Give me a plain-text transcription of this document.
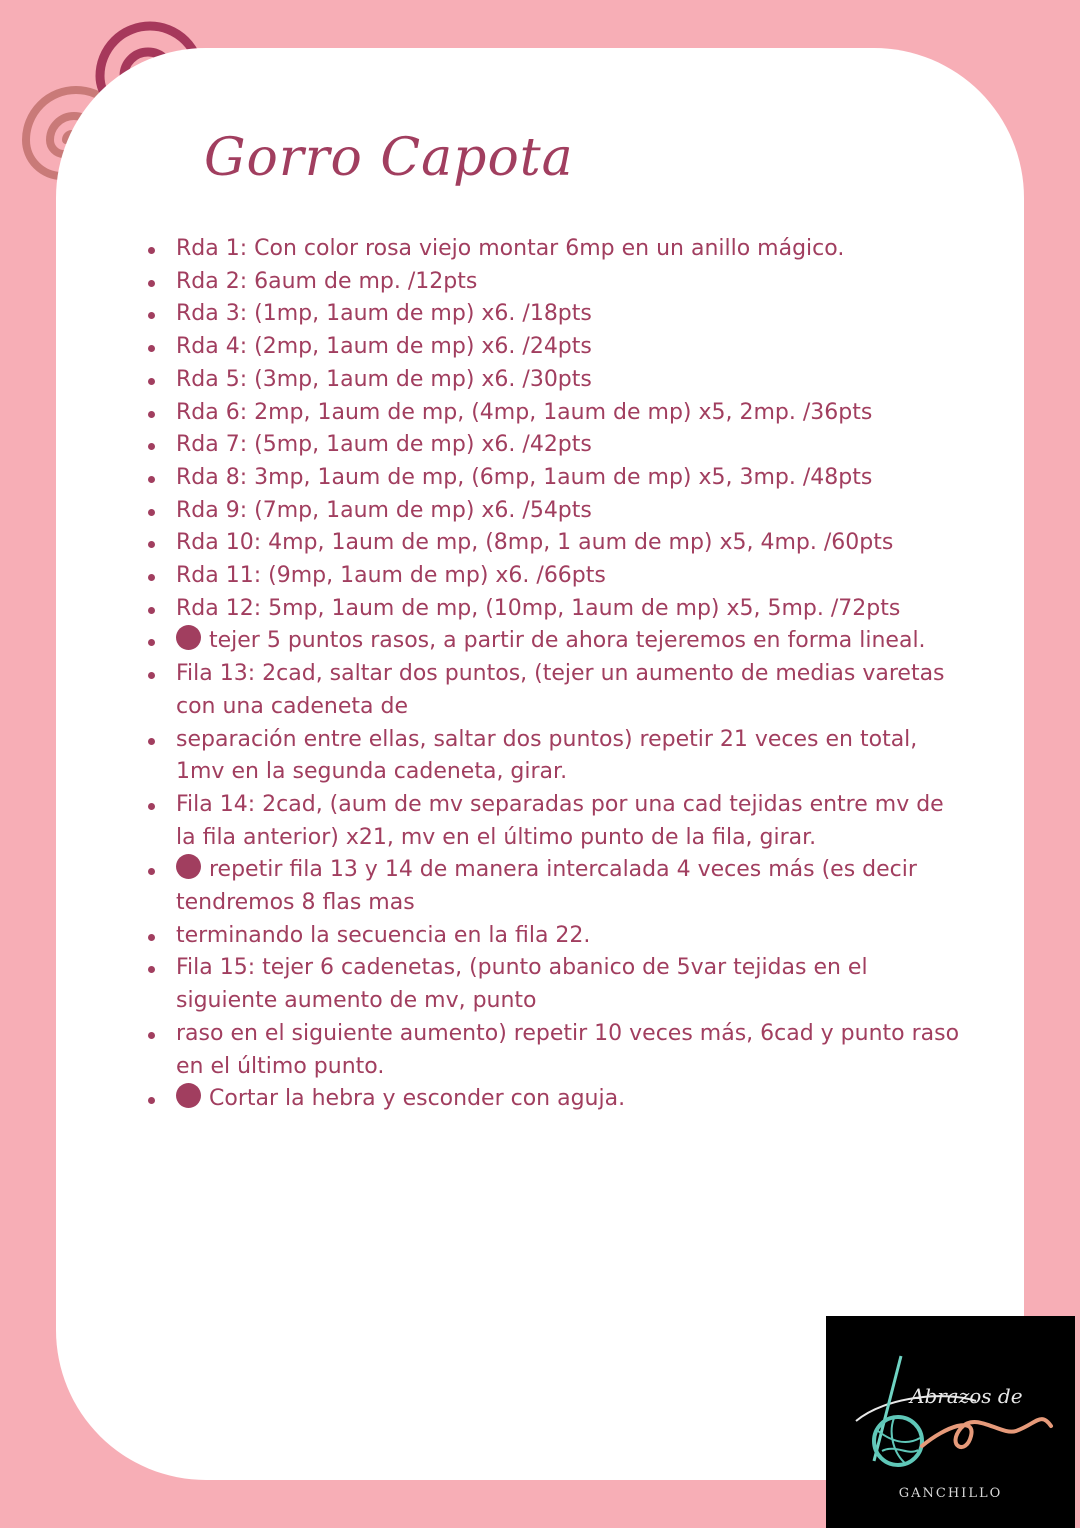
Gorro Capota
Rda 1: Con color rosa viejo montar 6mp en un anillo mágico.
Rda 2: 6aum de mp. /12pts
Rda 3: (1mp, 1aum de mp) x6. /18pts
Rda 4: (2mp, 1aum de mp) x6. /24pts
Rda 5: (3mp, 1aum de mp) x6. /30pts
Rda 6: 2mp, 1aum de mp, (4mp, 1aum de mp) x5, 2mp. /36pts
Rda 7: (5mp, 1aum de mp) x6. /42pts
Rda 8: 3mp, 1aum de mp, (6mp, 1aum de mp) x5, 3mp. /48pts
Rda 9: (7mp, 1aum de mp) x6. /54pts
Rda 10: 4mp, 1aum de mp, (8mp, 1 aum de mp) x5, 4mp. /60pts
Rda 11: (9mp, 1aum de mp) x6. /66pts
Rda 12: 5mp, 1aum de mp, (10mp, 1aum de mp) x5, 5mp. /72pts
tejer 5 puntos rasos, a partir de ahora tejeremos en forma lineal.
Fila 13: 2cad, saltar dos puntos, (tejer un aumento de medias varetas con una cadeneta de
separación entre ellas, saltar dos puntos) repetir 21 veces en total, 1mv en la segunda cadeneta, girar.
Fila 14: 2cad, (aum de mv separadas por una cad tejidas entre mv de la fila anterior) x21, mv en el último punto de la fila, girar.
repetir fila 13 y 14 de manera intercalada 4 veces más (es decir tendremos 8 flas mas
terminando la secuencia en la fila 22.
Fila 15: tejer 6 cadenetas, (punto abanico de 5var tejidas en el siguiente aumento de mv, punto
raso en el siguiente aumento) repetir 10 veces más, 6cad y punto raso en el último punto.
Cortar la hebra y esconder con aguja.
Abrazos de
GANCHILLO
